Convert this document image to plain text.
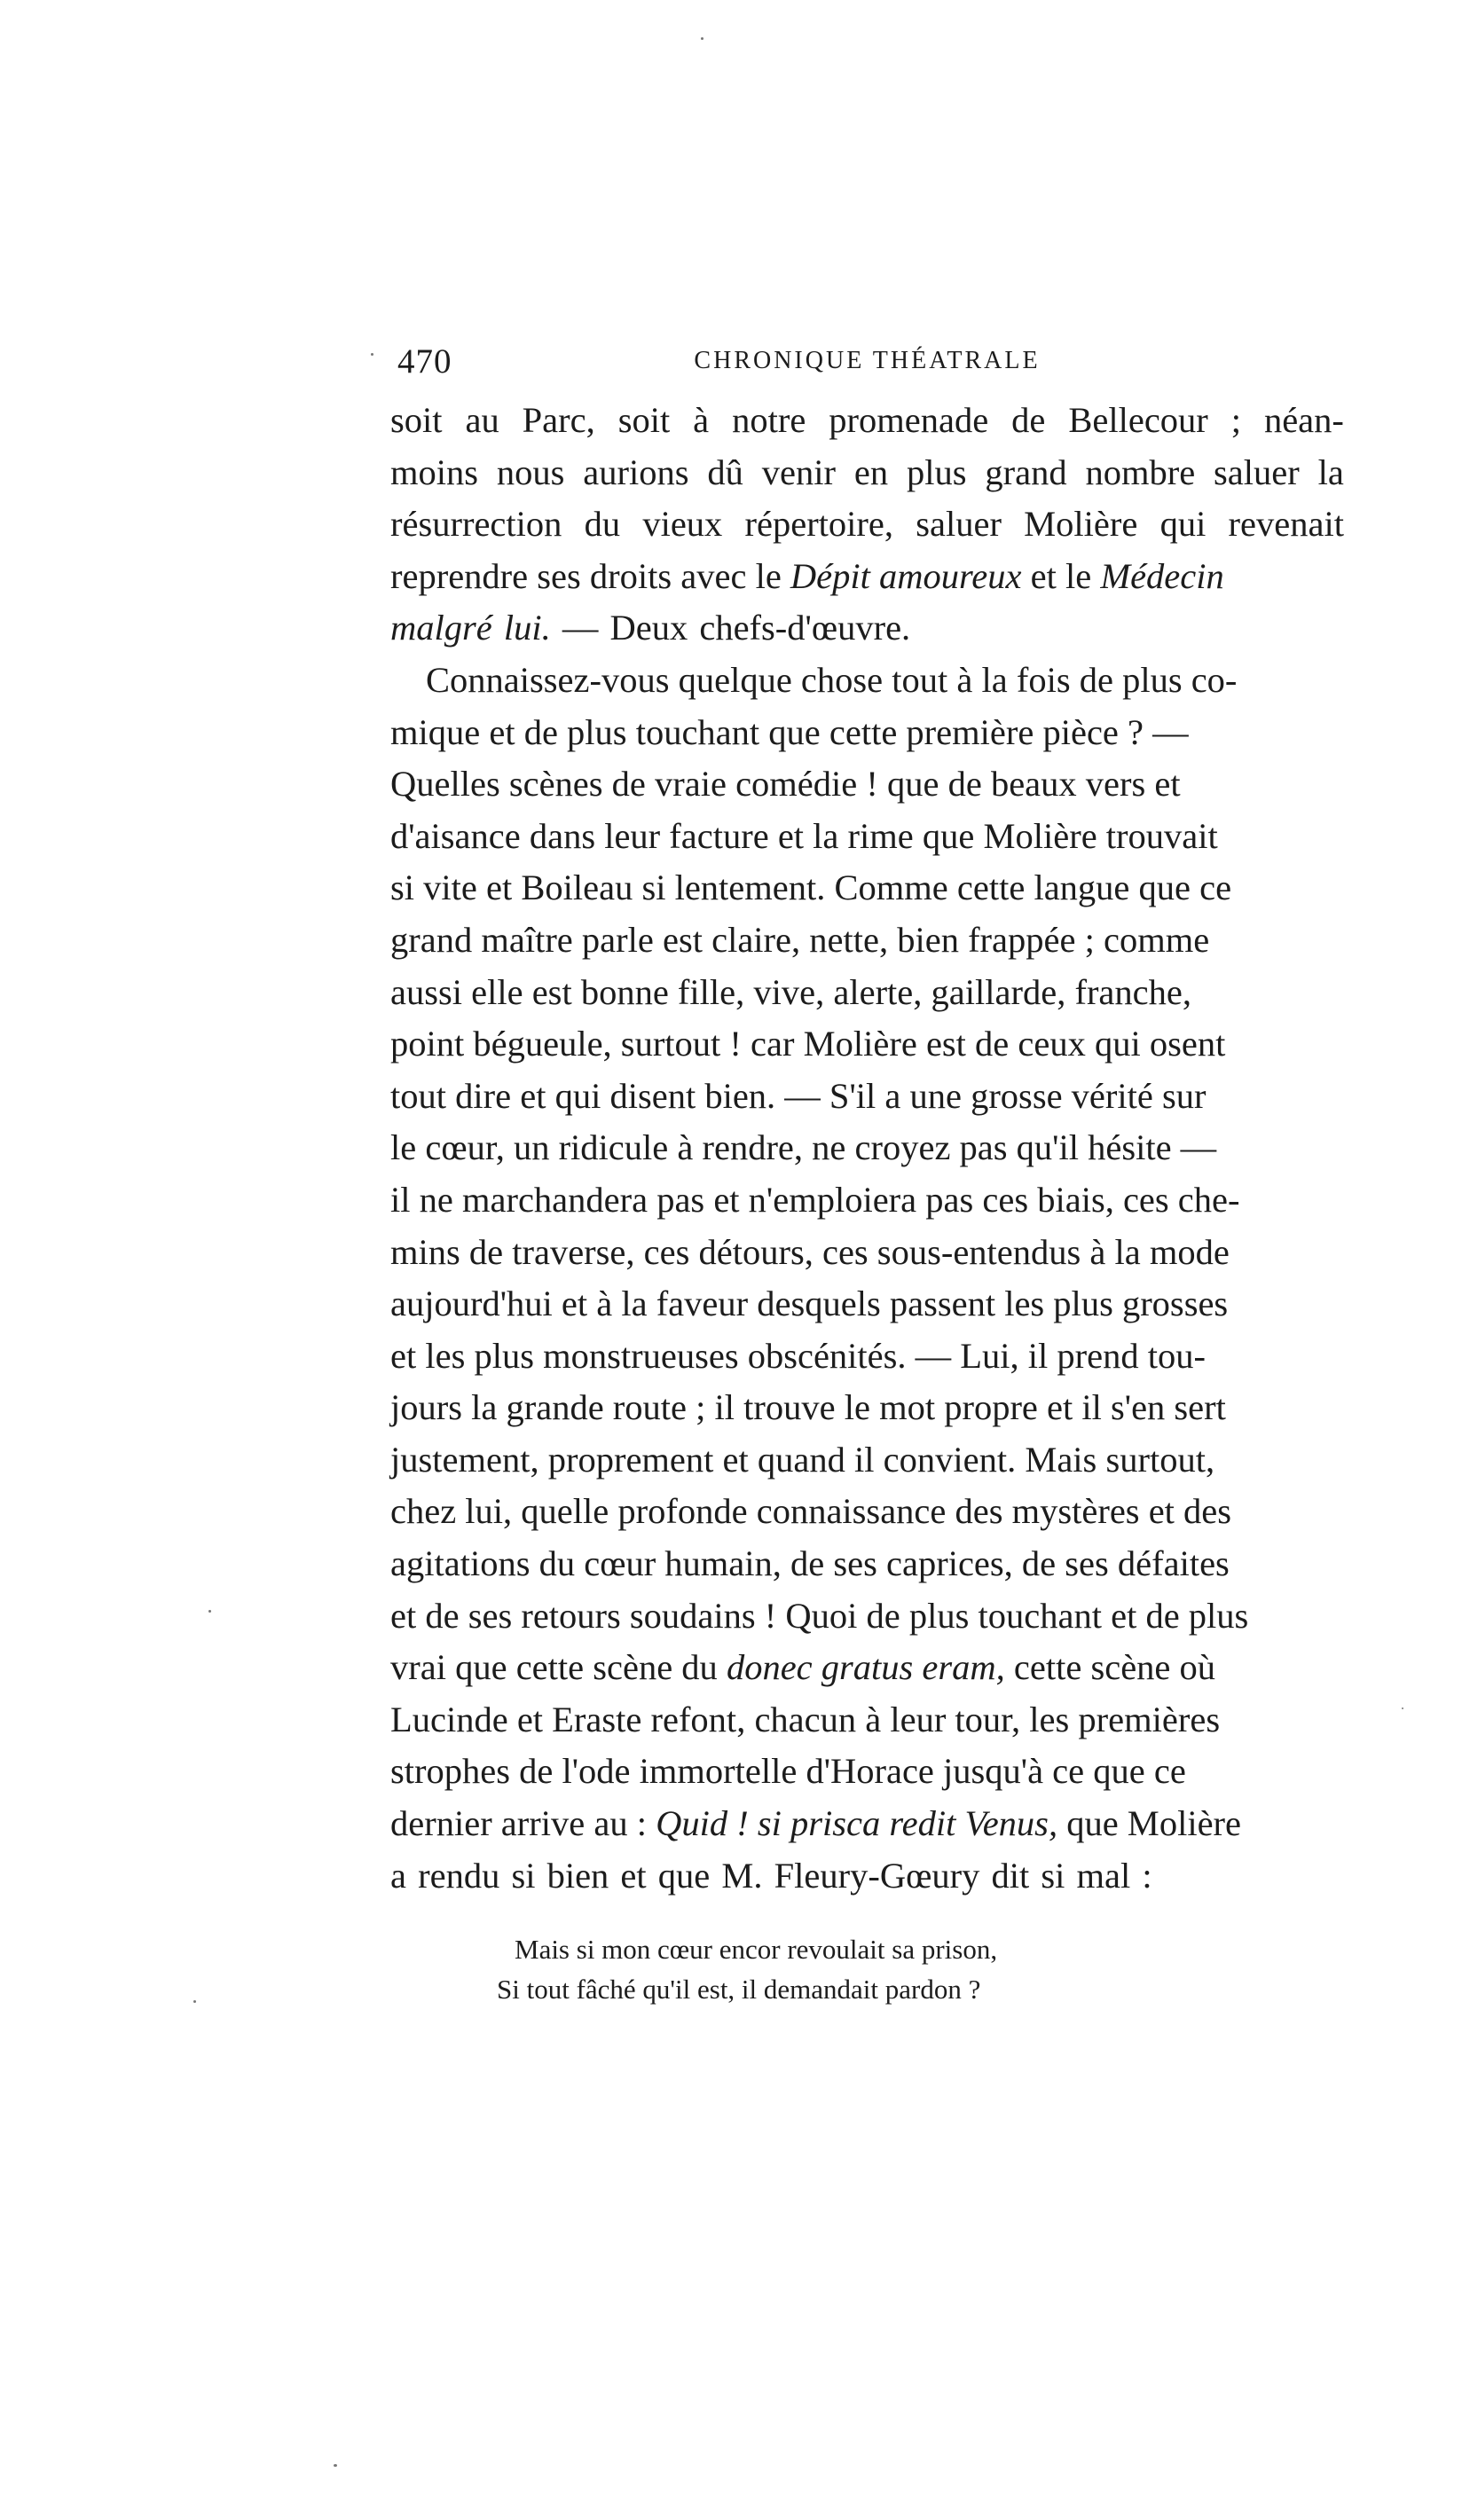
470	CHRONIQUE THÉATRALE
soit au Parc, soit à notre promenade de Bellecour ; néan-
moins nous aurions dû venir en plus grand nombre saluer la
résurrection du vieux répertoire, saluer Molière qui revenait
reprendre ses droits avec le Dépit amoureux et le Médecin
malgré lui. — Deux chefs-d'œuvre.
Connaissez-vous quelque chose tout à la fois de plus co-
mique et de plus touchant que cette première pièce ? —
Quelles scènes de vraie comédie ! que de beaux vers et
d'aisance dans leur facture et la rime que Molière trouvait
si vite et Boileau si lentement. Comme cette langue que ce
grand maître parle est claire, nette, bien frappée ; comme
aussi elle est bonne fille, vive, alerte, gaillarde, franche,
point bégueule, surtout ! car Molière est de ceux qui osent
tout dire et qui disent bien. — S'il a une grosse vérité sur
le cœur, un ridicule à rendre, ne croyez pas qu'il hésite —
il ne marchandera pas et n'emploiera pas ces biais, ces che-
mins de traverse, ces détours, ces sous-entendus à la mode
aujourd'hui et à la faveur desquels passent les plus grosses
et les plus monstrueuses obscénités. — Lui, il prend tou-
jours la grande route ; il trouve le mot propre et il s'en sert
justement, proprement et quand il convient. Mais surtout,
chez lui, quelle profonde connaissance des mystères et des
agitations du cœur humain, de ses caprices, de ses défaites
et de ses retours soudains ! Quoi de plus touchant et de plus
vrai que cette scène du donec gratus eram, cette scène où
Lucinde et Eraste refont, chacun à leur tour, les premières
strophes de l'ode immortelle d'Horace jusqu'à ce que ce
dernier arrive au : Quid ! si prisca redit Venus, que Molière
a rendu si bien et que M. Fleury-Gœury dit si mal :
Mais si mon cœur encor revoulait sa prison,
Si tout fâché qu'il est, il demandait pardon ?
